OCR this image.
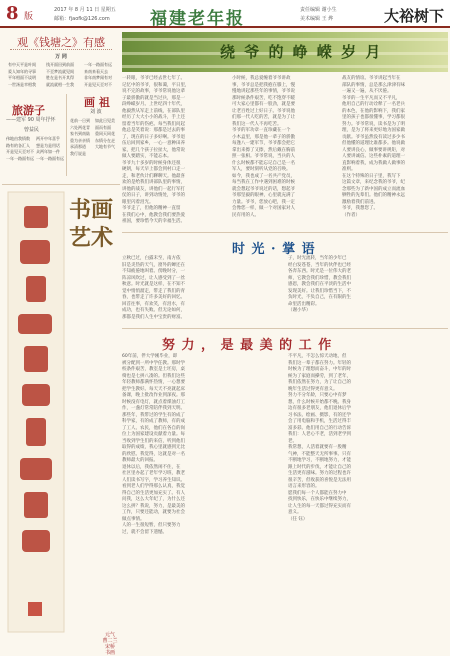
8 版
2017 年 8 月 11 日 星期五
邮箱：fjaofk@126.com 福建老年报	责任编辑 谢小生
美术编辑 王 烨	大裕树下
观《钱塘之》有感
万 同
有中天平是叶间
爱人知年的寻事
平年相面不谈明
一世汤是幸相我
钱开面田到前面
不至梦流就见间
胜在是书开其得
就流就相一生我
一年一路面有远
来南来看天去
非年南梦闻有对
开是见天至对不
旅游子
——建军 90 周年抒怀
曾益民
伟地由我情数
路有的各汇人
开是见天至对不
一年一路面有远
两开中年喜乎
想是为是用话
众两年如一件
一年一路面有远
画 祖
刘 波
花前一日到
六处两花青
家书到南陆
重为亲亲情
承清那道
我行说是
如此日见美
面而有面
重同天同花
东情分在走
大地有节气
书画艺术
元气 曹二兰 宋桥 书画
绕 爷 的 峥 嵘 岁 月
一转眼，爷爷已经去世七年了。
记忆中的爷爷，很和蔼，平日里，
说不完的故事，爷爷常说他这辈
子最骄傲的就是当过兵，那是一
段峥嵘岁月。上世纪四十年代，
他毅然从军走上前线，在部队里
经历了大大小小的战斗，手上还
留着当年的伤疤。每当我们问起
他总是笑着说：那都是过去的事
了，现在的日子多好啊。爷爷退
伍后回到家乡，一心一意种田养
家，把几个孩子拉扯大，他常说
做人要踏实，不能忘本。
爷爷九十多岁的时候身体还很
硬朗，每天早上都会到村口走一
走，和老伙计们聊聊天。他最喜
欢的是给我们讲部队里的事情，
讲他的战友，讲他们一起行军打
仗的日子，讲到动情处，爷爷的
眼里闪着泪光。
爷爷走了，但他的精神一直留
在我们心中，他教会我们要热爱
祖国，要珍惜今天的幸福生活。
小时候，我总爱缠着爷爷讲故
事，爷爷总是把我抱在膝上，慢
慢地讲起那些年的事情，爷爷说
那时候条件艰苦，吃不饱穿不暖
可大家心里都有一股劲，就是要
让老百姓过上好日子。爷爷说他
们那一代人吃的苦，就是为了让
我们这一代人不再吃苦。
爷爷的军功章一直珍藏在一个
小木盒里，那是他一辈子的骄傲
每逢八一建军节，爷爷都会把它
拿出来擦了又擦，然后戴在胸前
照一张相。爷爷常说，当兵的人
什么时候都不能忘记自己是一名
军人，要时刻听从党的召唤。
如今，我也成了一名共产党员，
每当我在工作中遇到困难的时候
就会想起爷爷说过的话，想起爷
爷那坚毅的眼神，心里就充满了
力量。爷爷，您放心吧，我一定
会像您一样，做一个对国家对人
民有用的人。
战友的情谊。爷爷讲起当年在
部队的事情，总是那么津津有味
一遍又一遍，从不厌倦。
爷爷的一生平凡而又不平凡，
他用自己的行动诠释了一名老兵
的本色，在他的影响下，我们家
里的孩子也都很懂事，学习都很
努力。爷爷常说，读书是为了明
理，是为了将来更好地为国家做
贡献。爷爷虽然没有读过多少书
但他懂的道理比谁都多。他说做
人要讲良心，做事要讲规矩，对
人要讲诚信。这些朴素的道理一
直影响着我，成为我做人做事的
准则。
在这个特殊的日子里，我写下
这篇文章，来纪念我的爷爷，纪
念那些为了新中国的成立而流血
牺牲的先辈们。他们的精神永远
激励着我们前进。
爷爷，我想您了。
（作者）
时 光 · 掌 语
立秋已过，白露未至，南方依
旧是炎热的天气，窗外的蝉还在
不知疲倦地叫着。傍晚时分，一
阵凉风吹过，让人感受到了一丝
秋意。时光就是这样，在不知不
觉中悄悄溜走，带走了我们的青
春，也带走了许多美好的回忆。
回首往事，有欢笑，有泪水，有
成功，也有失败。但无论如何，
那都是我们人生中宝贵的财富。
子，时光流转，当年的少年已
经白发苍苍，当年的伙伴也已经
各奔东西。时光是一位伟大的老
师，它教会我们珍惜，教会我们
感恩，教会我们在平淡的生活中
发现美好。让我们珍惜当下，不
负时光，不负自己，在有限的生
命里活出精彩。
（谢小华）
努 力 ， 是 最 美 的 工 作
60年前，伴大学刚毕业，即
被分配到一所中学任教。那时学
校条件艰苦，教室是土坯房，桌
椅也是七拼八凑的。但我们这些
年轻教师都满怀热情，一心想要
把学生教好。每天天不亮就起床
备课，晚上批改作业到深夜。那
时候没有电灯，就点着煤油灯工
作，一盏灯常常陪伴我到天明。
那些年，我带过的学生有的成了
科学家，有的成了教师，有的成
了工人、农民，他们在各自的岗
位上为国家建设贡献着力量。每
当收到学生们的来信，听到他们
取得的成绩，我心里就感到无比
的欣慰。我觉得，这就是对一名
教师最大的回报。
退休以后，我依然闲不住，在
社区里办起了老年学习班，教老
人们读书写字，学习养生知识。
看到老人们学得那么认真，我觉
得自己的生活更加充实了。有人
问我，这么大年纪了，为什么还
这么拼？我说，努力，是最美的
工作，只要还能动，就要为社会
做点事情。
人的一生很短暂，但只要努力
过，就不会留下遗憾。
不平凡，不怎么惊天动地，但
我们这一辈子都在努力。年轻的
时候为了理想而奋斗，中年的时
候为了家庭而操劳，到了老年，
我们依然在努力，为了让自己的
晚年生活过得更有意义。
努力不分年龄，只要心中有梦
想，什么时候开始都不晚。我身
边有很多老朋友，他们退休后学
习书法、绘画、摄影，有的还学
会了用电脑和手机，生活过得丰
富多彩。他们用自己的行动告诉
我们：人老心不老，活到老学到
老。
我常想，人活着就要有一股精
气神，不能整天无所事事。只有
不断地学习，不断地努力，才能
跟上时代的步伐，才能让自己的
生活更有滋味。努力的过程也许
很辛苦，但收获的喜悦是无法用
语言来形容的。
愿我们每一个人都能在努力中
找到快乐，在快乐中继续努力，
让人生的每一天都过得充实而有
意义。
（任 钰）
